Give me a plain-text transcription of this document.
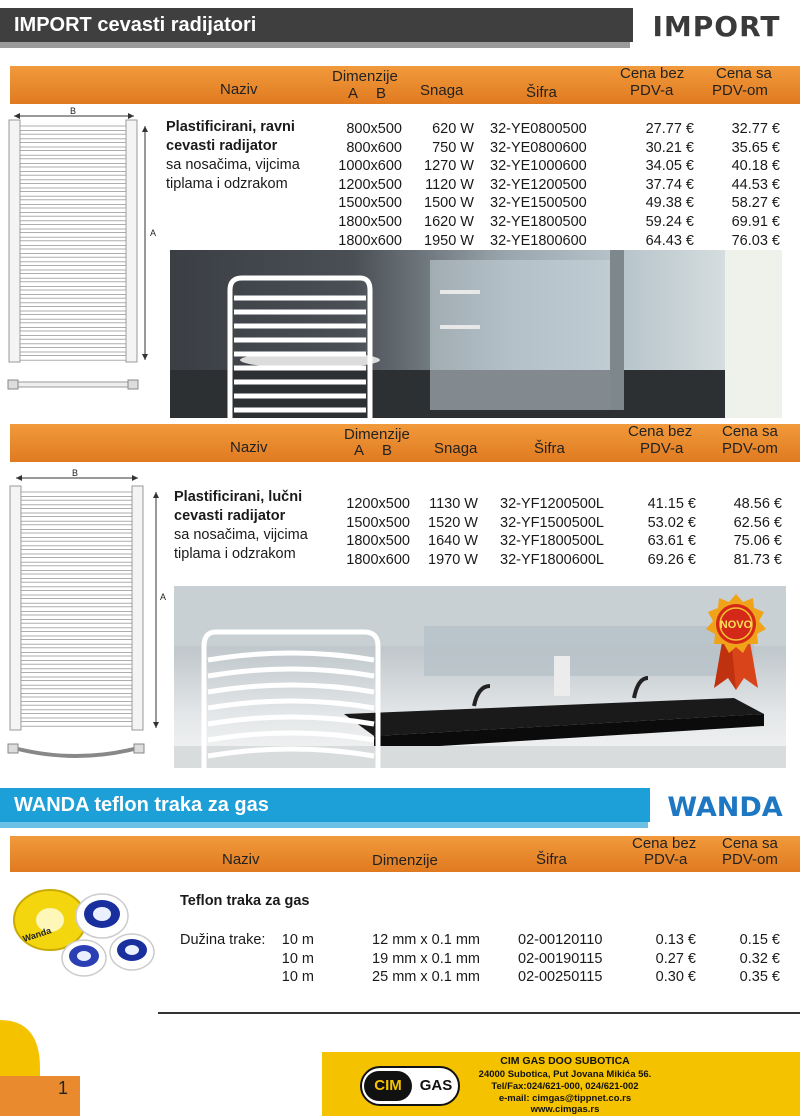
IMPORT cevasti radijatori	IMPORT
Naziv
Dimenzije
A B Snaga	Šifra
Cena bez
PDV-a
Cena sa
PDV-om
B
A
Plastificirani, ravni
cevasti radijator
sa nosačima, vijcima
tiplama i odzrakom
800x500	620 W 32-YE0800500	27.77 €	32.77 €
800x600	750 W 32-YE0800600	30.21 €	35.65 €
1000x600	1270 W 32-YE1000600	34.05 €	40.18 €
1200x500	1120 W 32-YE1200500	37.74 €	44.53 €
1500x500	1500 W 32-YE1500500	49.38 €	58.27 €
1800x500	1620 W 32-YE1800500	59.24 €	69.91 €
1800x600	1950 W 32-YE1800600	64.43 €	76.03 €
Naziv
Dimenzije
A B	Snaga	Šifra
Cena bez
PDV-a
Cena sa
PDV-om
B
A
Plastificirani, lučni
cevasti radijator
sa nosačima, vijcima
tiplama i odzrakom
1200x500	1130 W 32-YF1200500L	41.15 €	48.56 €
1500x500	1520 W 32-YF1500500L	53.02 €	62.56 €
1800x500	1640 W 32-YF1800500L	63.61 €	75.06 €
1800x600	1970 W 32-YF1800600L	69.26 €	81.73 €
NOVO
WANDA teflon traka za gas	WANDA
Naziv	Dimenzije	Šifra
Cena bez
PDV-a
Cena sa
PDV-om
Wanda
Teflon traka za gas
Dužina trake:	10 m	12 mm x 0.1 mm	02-00120110	0.13 €	0.15 €
10 m	19 mm x 0.1 mm	02-00190115	0.27 €	0.32 €
10 m	25 mm x 0.1 mm	02-00250115	0.30 €	0.35 €
1	CIM	GAS
CIM GAS DOO SUBOTICA
24000 Subotica, Put Jovana Mikića 56.
Tel/Fax:024/621-000, 024/621-002
e-mail: cimgas@tippnet.co.rs
www.cimgas.rs
